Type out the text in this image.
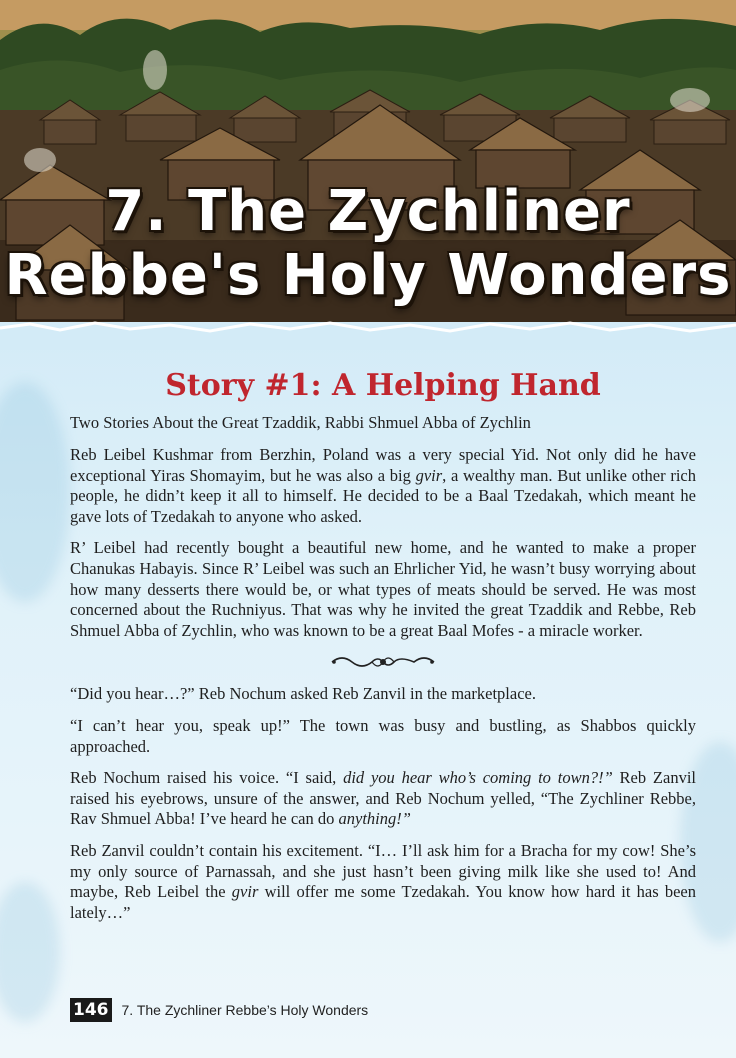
7. The Zychliner
Rebbe's Holy Wonders
Story #1: A Helping Hand
Two Stories About the Great Tzaddik, Rabbi Shmuel Abba of Zychlin

Reb Leibel Kushmar from Berzhin, Poland was a very special Yid. Not only did he have exceptional Yiras Shomayim, but he was also a big gvir, a wealthy man. But unlike other rich people, he didn’t keep it all to himself. He decided to be a Baal Tzedakah, which meant he gave lots of Tzedakah to anyone who asked.

R’ Leibel had recently bought a beautiful new home, and he wanted to make a proper Chanukas Habayis. Since R’ Leibel was such an Ehrlicher Yid, he wasn’t busy worrying about how many desserts there would be, or what types of meats should be served. He was most concerned about the Ruchniyus. That was why he invited the great Tzaddik and Rebbe, Reb Shmuel Abba of Zychlin, who was known to be a great Baal Mofes - a miracle worker.

“Did you hear…?” Reb Nochum asked Reb Zanvil in the marketplace.

“I can’t hear you, speak up!” The town was busy and bustling, as Shabbos quickly approached.

Reb Nochum raised his voice. “I said, did you hear who’s coming to town?!” Reb Zanvil raised his eyebrows, unsure of the answer, and Reb Nochum yelled, “The Zychliner Rebbe, Rav Shmuel Abba! I’ve heard he can do anything!”

Reb Zanvil couldn’t contain his excitement. “I… I’ll ask him for a Bracha for my cow! She’s my only source of Parnassah, and she just hasn’t been giving milk like she used to! And maybe, Reb Leibel the gvir will offer me some Tzedakah. You know how hard it has been lately…”

146 7. The Zychliner Rebbe’s Holy Wonders
